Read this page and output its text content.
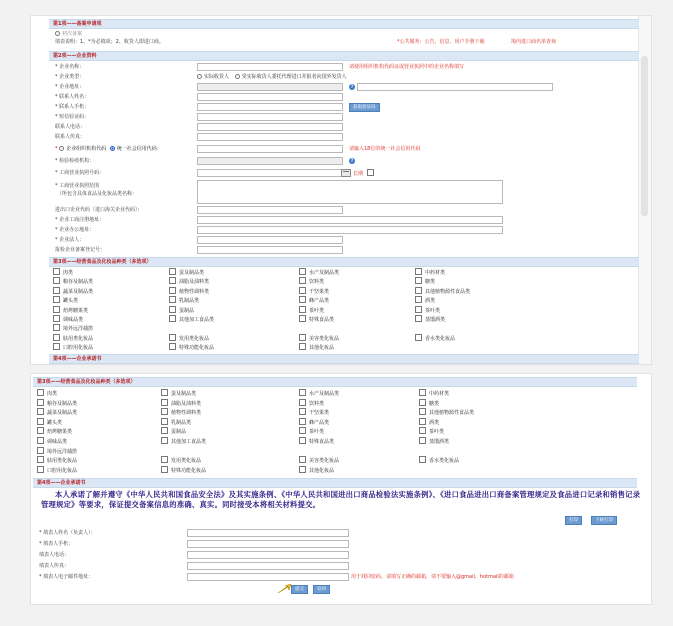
第1项——备案申请项
初次备案
填表说明：1、*为必填项；2、收货人即进口商。	*公共服务：公告、信息、用户手册下载	境内进口商名单查询
第2项——企业资料
* 企业名称：	请使用组织机构代码证或营业执照中的企业名称填写
* 企业类型：	实际收货人	受实际收货人委托代理进口并报者向国外发货人
* 企业地址：	?
* 联系人姓名：
* 联系人手机：	获取验证码
* 短信验证码：
联系人电话：
联系人传真：
* 企业组织机构代码 统一社会信用代码：	请输入18位的统一社会信用代码
* 检验检疫机构：	?
* 工商营业执照号码：	长期
* 工商营业执照范围
（所包含具体食品及化妆品类名称：
进出口企业代码（进口海关企业代码）：
* 企业工商注册地址：
* 企业办公地址：
* 企业法人：
报检企业备案登记号：
第3项——经营食品及化妆品种类（多选项）
肉类	蛋及制品类	水产及制品类	中药材类
粮谷及制品类	油脂及油料类	饮料类	糖类
蔬菜及制品类	植物性调料类	干坚果类	其他植物源性食品类
罐头类	乳制品类	蜂产品类	酒类
焙烤糖果类	蛋制品	茶叶类	茶叶类
调味品类	其他加工食品类	特殊食品类	蒸馏酒类
境外远洋捕捞
肤用类化妆品	发用类化妆品	美容类化妆品	香水类化妆品
口腔用化妆品	特殊功能化妆品	其他化妆品
第4项——企业承诺书
第3项——经营食品及化妆品种类（多选项）
肉类	蛋及制品类	水产及制品类	中药材类
粮谷及制品类	油脂及油料类	饮料类	糖类
蔬菜及制品类	植物性调料类	干坚果类	其他植物源性食品类
罐头类	乳制品类	蜂产品类	酒类
焙烤糖果类	蛋制品	茶叶类	茶叶类
调味品类	其他加工食品类	特殊食品类	蒸馏酒类
境外远洋捕捞
肤用类化妆品	发用类化妆品	美容类化妆品	香水类化妆品
口腔用化妆品	特殊功能化妆品	其他化妆品
第4项——企业承诺书
本人承诺了解并遵守《中华人民共和国食品安全法》及其实施条例、《中华人民共和国进出口商品检验法实施条例》、《进口食品进出口商备案管理规定及食品进口记录和销售记录管理规定》等要求，保证提交备案信息的准确、真实。同时接受本将相关材料提交。
打印	下载打印
* 填表人姓名（负责人）：
* 填表人手机：
填表人电话：
填表人传真：
* 填表人电子邮件地址：	用于找回密码，请填写正确的邮箱，请不要输入@gmail、hotmail的邮箱
提交	返回
